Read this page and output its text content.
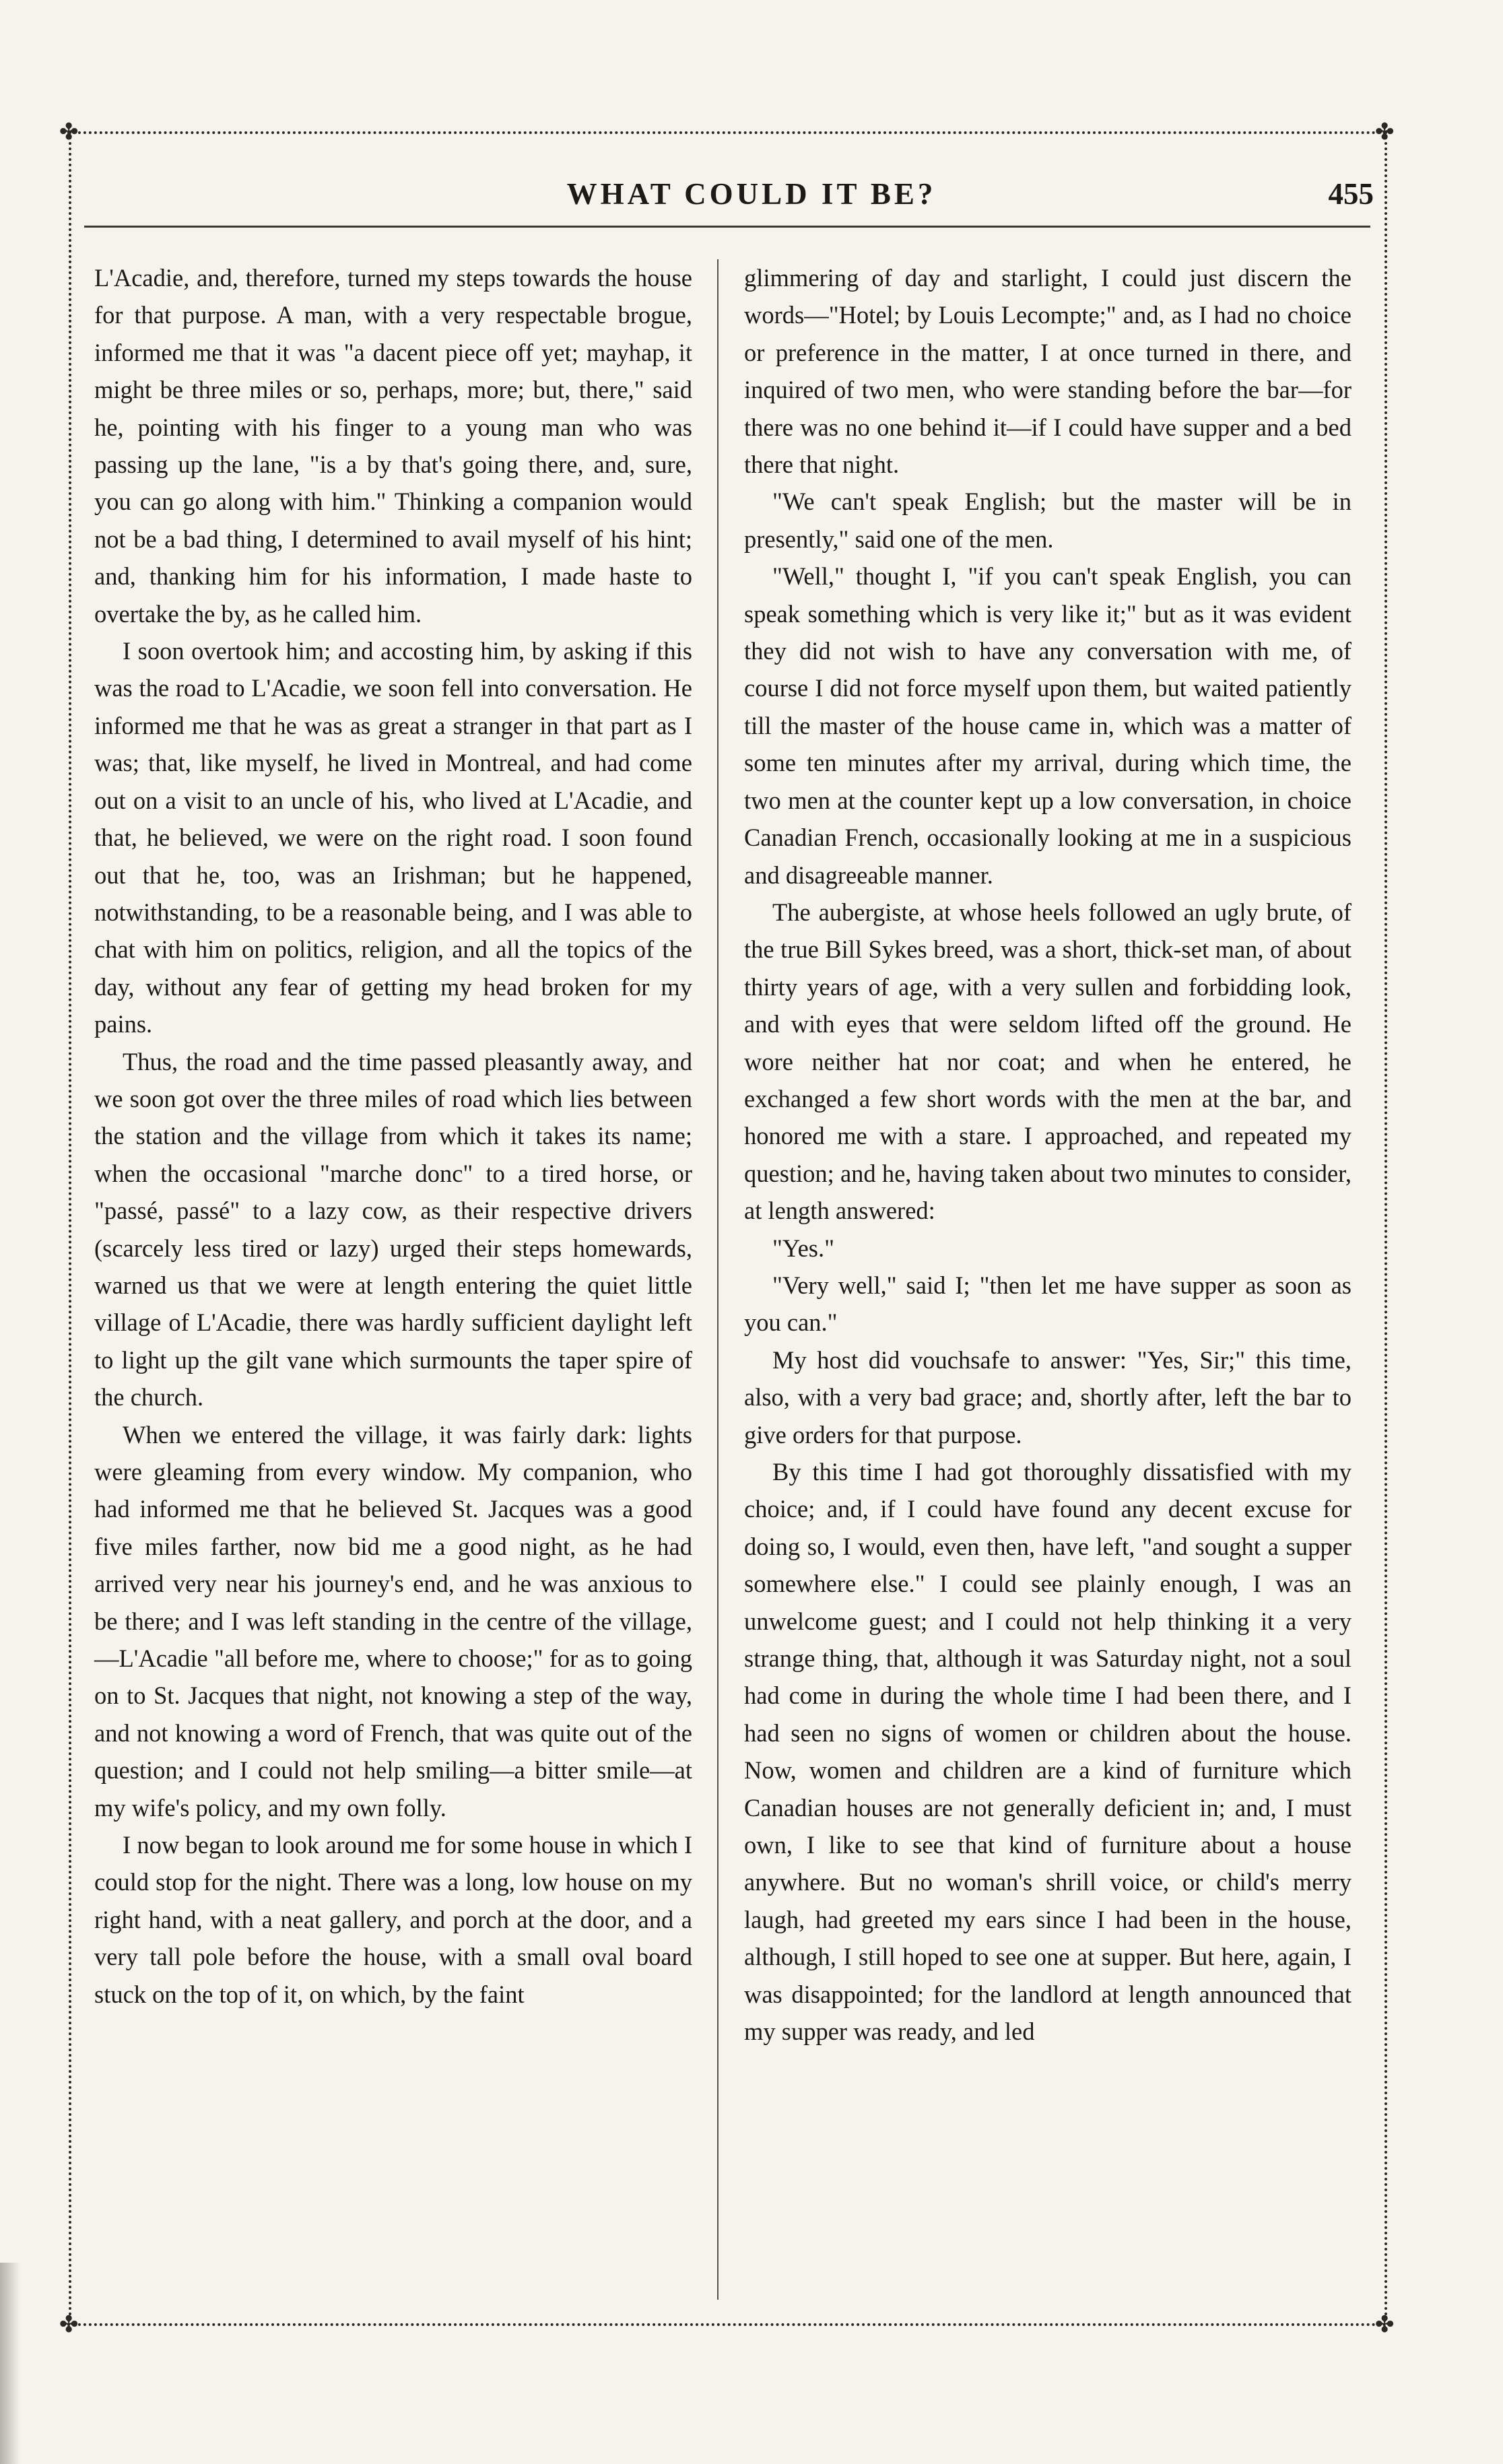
✤	✤
✤	✤
WHAT COULD IT BE?	455

L'Acadie, and, therefore, turned my steps towards the house for that purpose. A man, with a very respectable brogue, informed me that it was "a dacent piece off yet; mayhap, it might be three miles or so, perhaps, more; but, there," said he, pointing with his finger to a young man who was passing up the lane, "is a by that's going there, and, sure, you can go along with him." Thinking a companion would not be a bad thing, I determined to avail myself of his hint; and, thanking him for his information, I made haste to overtake the by, as he called him.

I soon overtook him; and accosting him, by asking if this was the road to L'Acadie, we soon fell into conversation. He informed me that he was as great a stranger in that part as I was; that, like myself, he lived in Montreal, and had come out on a visit to an uncle of his, who lived at L'Acadie, and that, he believed, we were on the right road. I soon found out that he, too, was an Irishman; but he happened, notwithstanding, to be a reasonable being, and I was able to chat with him on politics, religion, and all the topics of the day, without any fear of getting my head broken for my pains.

Thus, the road and the time passed pleasantly away, and we soon got over the three miles of road which lies between the station and the village from which it takes its name; when the occasional "marche donc" to a tired horse, or "passé, passé" to a lazy cow, as their respective drivers (scarcely less tired or lazy) urged their steps homewards, warned us that we were at length entering the quiet little village of L'Acadie, there was hardly sufficient daylight left to light up the gilt vane which surmounts the taper spire of the church.

When we entered the village, it was fairly dark: lights were gleaming from every window. My companion, who had informed me that he believed St. Jacques was a good five miles farther, now bid me a good night, as he had arrived very near his journey's end, and he was anxious to be there; and I was left standing in the centre of the village,—L'Acadie "all before me, where to choose;" for as to going on to St. Jacques that night, not knowing a step of the way, and not knowing a word of French, that was quite out of the question; and I could not help smiling—a bitter smile—at my wife's policy, and my own folly.

I now began to look around me for some house in which I could stop for the night. There was a long, low house on my right hand, with a neat gallery, and porch at the door, and a very tall pole before the house, with a small oval board stuck on the top of it, on which, by the faint

glimmering of day and starlight, I could just discern the words—"Hotel; by Louis Lecompte;" and, as I had no choice or preference in the matter, I at once turned in there, and inquired of two men, who were standing before the bar—for there was no one behind it—if I could have supper and a bed there that night.

"We can't speak English; but the master will be in presently," said one of the men.

"Well," thought I, "if you can't speak English, you can speak something which is very like it;" but as it was evident they did not wish to have any conversation with me, of course I did not force myself upon them, but waited patiently till the master of the house came in, which was a matter of some ten minutes after my arrival, during which time, the two men at the counter kept up a low conversation, in choice Canadian French, occasionally looking at me in a suspicious and disagreeable manner.

The aubergiste, at whose heels followed an ugly brute, of the true Bill Sykes breed, was a short, thick-set man, of about thirty years of age, with a very sullen and forbidding look, and with eyes that were seldom lifted off the ground. He wore neither hat nor coat; and when he entered, he exchanged a few short words with the men at the bar, and honored me with a stare. I approached, and repeated my question; and he, having taken about two minutes to consider, at length answered:

"Yes."

"Very well," said I; "then let me have supper as soon as you can."

My host did vouchsafe to answer: "Yes, Sir;" this time, also, with a very bad grace; and, shortly after, left the bar to give orders for that purpose.

By this time I had got thoroughly dissatisfied with my choice; and, if I could have found any decent excuse for doing so, I would, even then, have left, "and sought a supper somewhere else." I could see plainly enough, I was an unwelcome guest; and I could not help thinking it a very strange thing, that, although it was Saturday night, not a soul had come in during the whole time I had been there, and I had seen no signs of women or children about the house. Now, women and children are a kind of furniture which Canadian houses are not generally deficient in; and, I must own, I like to see that kind of furniture about a house anywhere. But no woman's shrill voice, or child's merry laugh, had greeted my ears since I had been in the house, although, I still hoped to see one at supper. But here, again, I was disappointed; for the landlord at length announced that my supper was ready, and led
